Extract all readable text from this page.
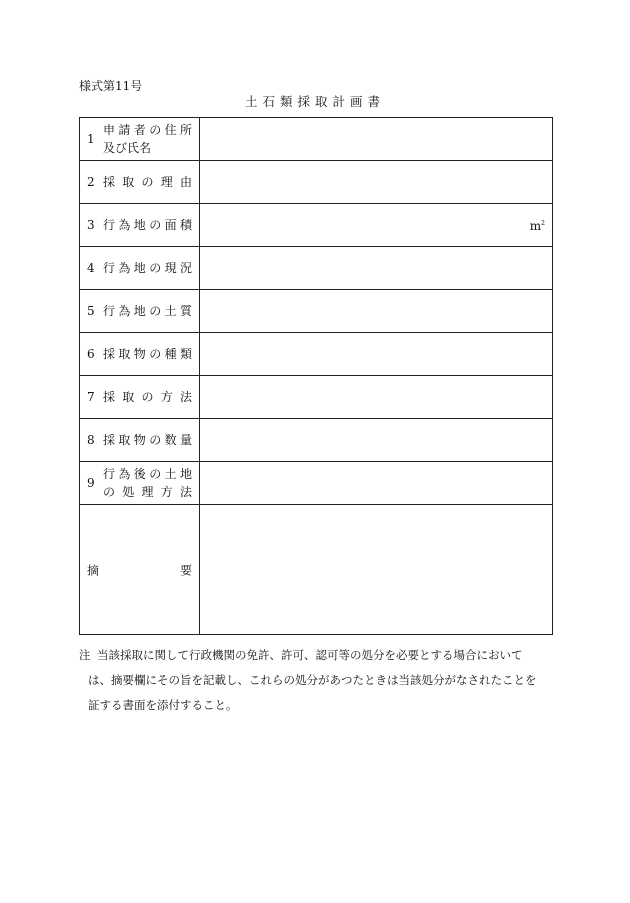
様式第11号
土石類採取計画書
1
申請者の住所
及び氏名	

2 採取の理由	

3 行為地の面積	$m^2$

4 行為地の現況	

5 行為地の土質	

6 採取物の種類	

7 採取の方法	

8 採取物の数量	

9
行為後の土地
の処理方法	

摘 要	

注 当該採取に関して行政機関の免許、許可、認可等の処分を必要とする場合において
は、摘要欄にその旨を記載し、これらの処分があつたときは当該処分がなされたことを
証する書面を添付すること。
